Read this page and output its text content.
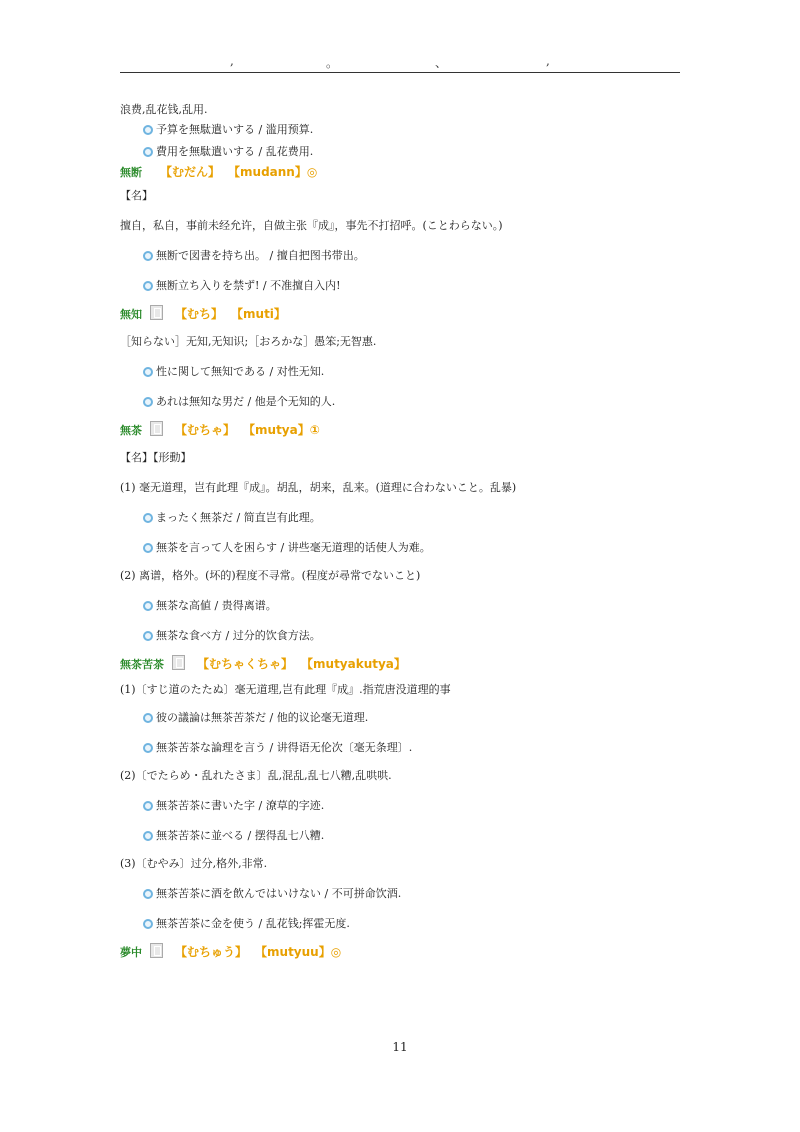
,	。	、	,
浪费,乱花钱,乱用.
予算を無駄遣いする / 滥用预算.
費用を無駄遣いする / 乱花费用.
無断 【むだん】 【mudann】◎
【名】
擅自，私自，事前未经允许，自做主张『成』，事先不打招呼。(ことわらない。)
無断で図書を持ち出。 / 擅自把图书带出。
無断立ち入りを禁ず! / 不准擅自入内!
無知	【むち】 【muti】
［知らない］无知,无知识;［おろかな］愚笨;无智惠.
性に関して無知である / 对性无知.
あれは無知な男だ / 他是个无知的人.
無茶	【むちゃ】 【mutya】①
【名】【形動】
(1) 毫无道理，岂有此理『成』。胡乱，胡来，乱来。(道理に合わないこと。乱暴)
まったく無茶だ / 简直岂有此理。
無茶を言って人を困らす / 讲些毫无道理的话使人为难。
(2) 离谱，格外。(坏的)程度不寻常。(程度が尋常でないこと)
無茶な高値 / 贵得离谱。
無茶な食べ方 / 过分的饮食方法。
無茶苦茶	【むちゃくちゃ】 【mutyakutya】
(1)〔すじ道のたたぬ〕毫无道理,岂有此理『成』.指荒唐没道理的事
彼の議論は無茶苦茶だ / 他的议论毫无道理.
無茶苦茶な論理を言う / 讲得语无伦次〔毫无条理〕.
(2)〔でたらめ・乱れたさま〕乱,混乱,乱七八糟,乱哄哄.
無茶苦茶に書いた字 / 潦草的字迹.
無茶苦茶に並べる / 摆得乱七八糟.
(3)〔むやみ〕过分,格外,非常.
無茶苦茶に酒を飲んではいけない / 不可拼命饮酒.
無茶苦茶に金を使う / 乱花钱;挥霍无度.
夢中	【むちゅう】 【mutyuu】◎
11
